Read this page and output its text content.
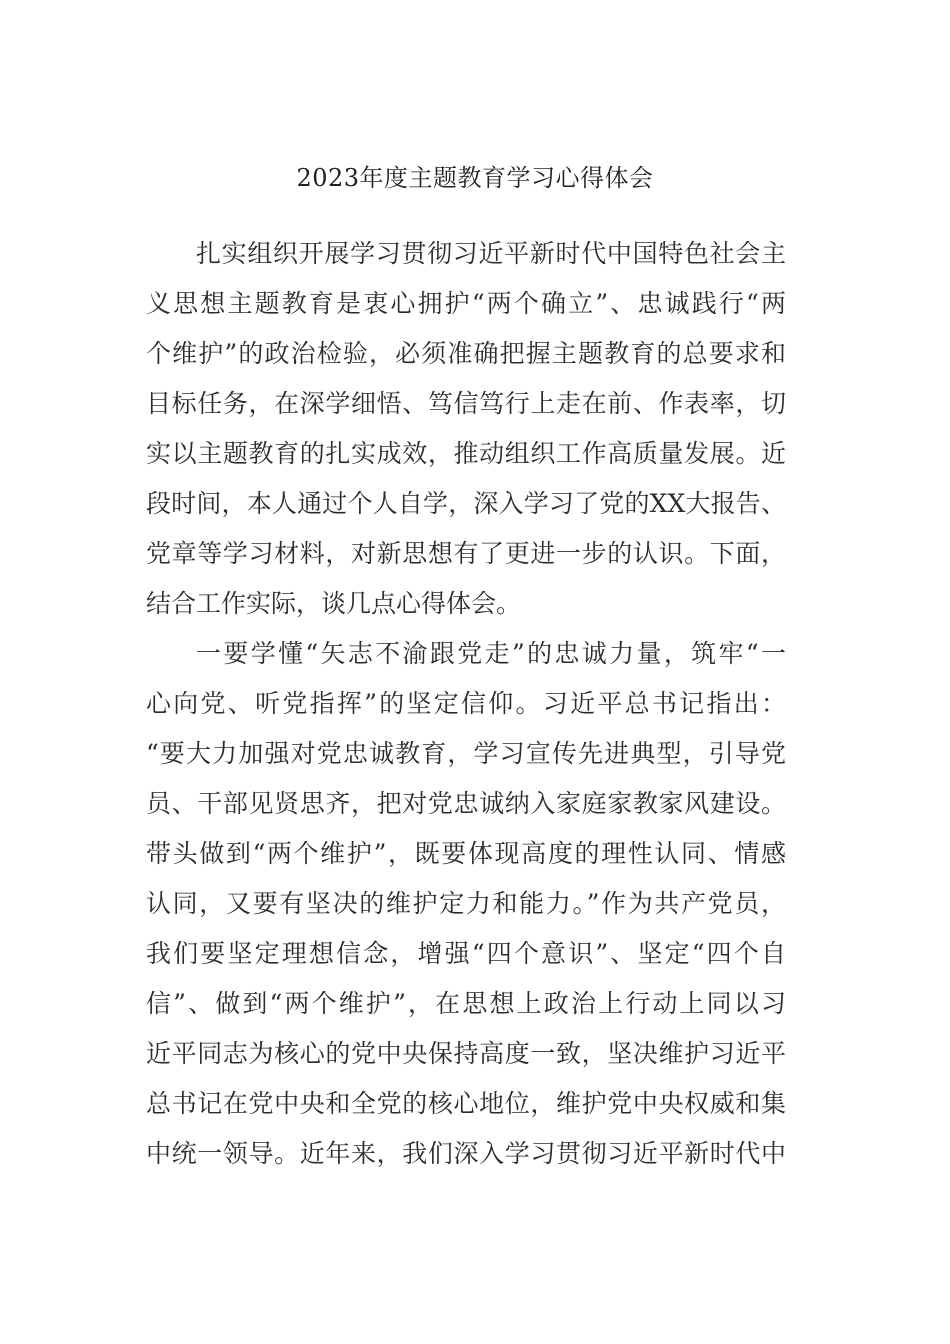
2023年度主题教育学习心得体会
扎实组织开展学习贯彻习近平新时代中国特色社会主
义思想主题教育是衷心拥护“两个确立”、忠诚践行“两
个维护”的政治检验，必须准确把握主题教育的总要求和
目标任务，在深学细悟、笃信笃行上走在前、作表率，切
实以主题教育的扎实成效，推动组织工作高质量发展。近
段时间，本人通过个人自学，深入学习了党的XX大报告、
党章等学习材料，对新思想有了更进一步的认识。下面，
结合工作实际，谈几点心得体会。
一要学懂“矢志不渝跟党走”的忠诚力量，筑牢“一
心向党、听党指挥”的坚定信仰。习近平总书记指出：
“要大力加强对党忠诚教育，学习宣传先进典型，引导党
员、干部见贤思齐，把对党忠诚纳入家庭家教家风建设。
带头做到“两个维护”，既要体现高度的理性认同、情感
认同，又要有坚决的维护定力和能力。”作为共产党员，
我们要坚定理想信念，增强“四个意识”、坚定“四个自
信”、做到“两个维护”，在思想上政治上行动上同以习
近平同志为核心的党中央保持高度一致，坚决维护习近平
总书记在党中央和全党的核心地位，维护党中央权威和集
中统一领导。近年来，我们深入学习贯彻习近平新时代中
